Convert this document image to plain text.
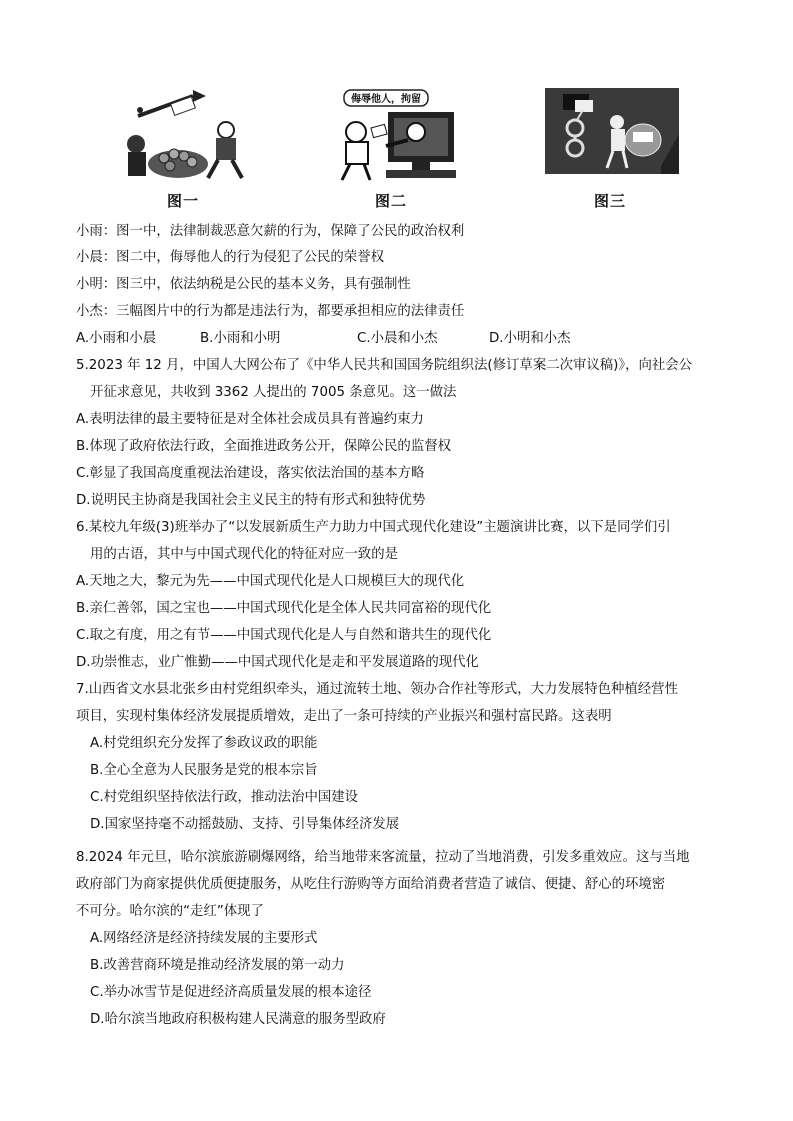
图一
侮辱他人，拘留
图二	图三
小雨：图一中，法律制裁恶意欠薪的行为，保障了公民的政治权利
小晨：图二中，侮辱他人的行为侵犯了公民的荣誉权
小明：图三中，依法纳税是公民的基本义务，具有强制性
小杰：三幅图片中的行为都是违法行为，都要承担相应的法律责任
A.小雨和小晨	B.小雨和小明	C.小晨和小杰	D.小明和小杰
5.2023 年 12 月，中国人大网公布了《中华人民共和国国务院组织法(修订草案二次审议稿)》，向社会公
开征求意见，共收到 3362 人提出的 7005 条意见。这一做法
A.表明法律的最主要特征是对全体社会成员具有普遍约束力
B.体现了政府依法行政，全面推进政务公开，保障公民的监督权
C.彰显了我国高度重视法治建设，落实依法治国的基本方略
D.说明民主协商是我国社会主义民主的特有形式和独特优势
6.某校九年级(3)班举办了“以发展新质生产力助力中国式现代化建设”主题演讲比赛，以下是同学们引
用的古语，其中与中国式现代化的特征对应一致的是
A.天地之大，黎元为先——中国式现代化是人口规模巨大的现代化
B.亲仁善邻，国之宝也——中国式现代化是全体人民共同富裕的现代化
C.取之有度，用之有节——中国式现代化是人与自然和谐共生的现代化
D.功崇惟志，业广惟勤——中国式现代化是走和平发展道路的现代化
7.山西省文水县北张乡由村党组织牵头，通过流转土地、领办合作社等形式，大力发展特色种植经营性
项目，实现村集体经济发展提质增效，走出了一条可持续的产业振兴和强村富民路。这表明
A.村党组织充分发挥了参政议政的职能
B.全心全意为人民服务是党的根本宗旨
C.村党组织坚持依法行政，推动法治中国建设
D.国家坚持毫不动摇鼓励、支持、引导集体经济发展
8.2024 年元旦，哈尔滨旅游刷爆网络，给当地带来客流量，拉动了当地消费，引发多重效应。这与当地
政府部门为商家提供优质便捷服务，从吃住行游购等方面给消费者营造了诚信、便捷、舒心的环境密
不可分。哈尔滨的“走红”体现了
A.网络经济是经济持续发展的主要形式
B.改善营商环境是推动经济发展的第一动力
C.举办冰雪节是促进经济高质量发展的根本途径
D.哈尔滨当地政府积极构建人民满意的服务型政府
